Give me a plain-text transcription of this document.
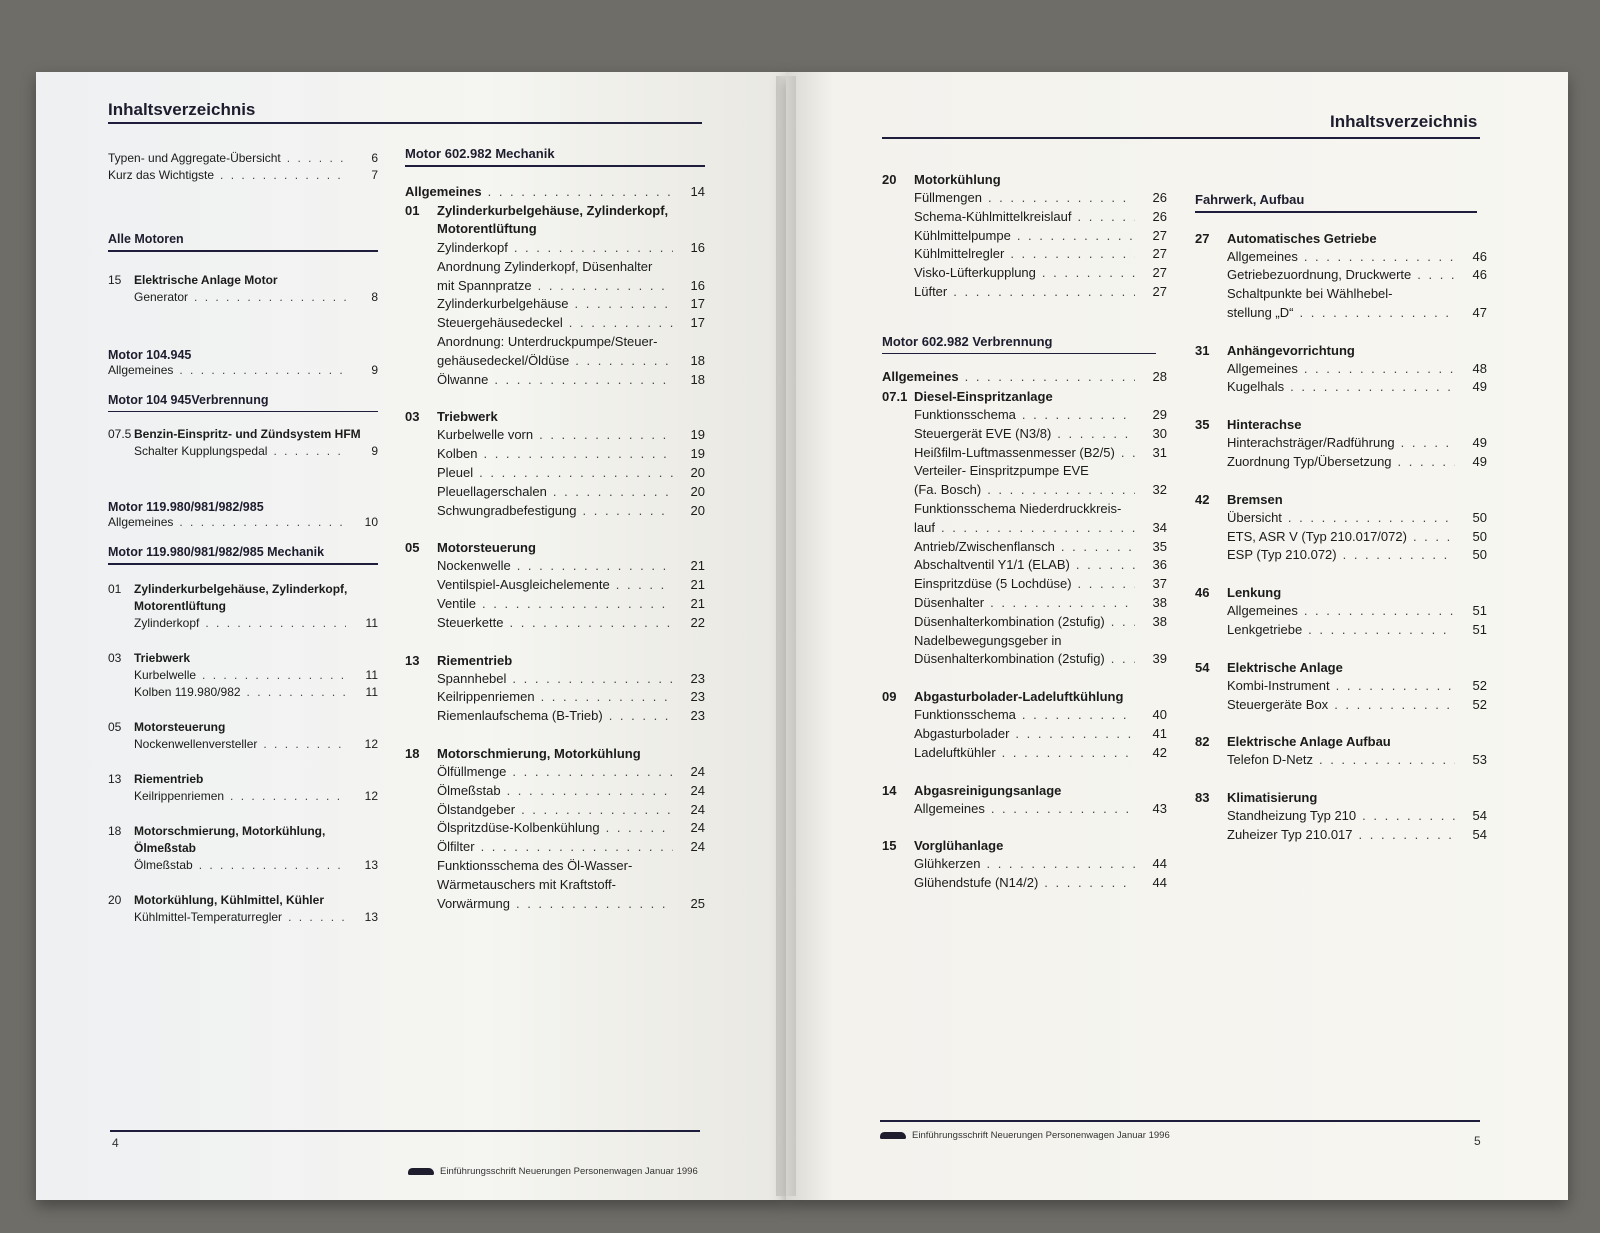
Inhaltsverzeichnis
Typen- und Aggregate-Übersicht . . .	6
Kurz das Wichtigste . . .	7
Alle Motoren
15	Elektrische Anlage Motor
Generator . . .	8
Motor 104.945
Allgemeines . . .	9
Motor 104 945Verbrennung
07.5 Benzin-Einspritz- und Zündsystem HFM
Schalter Kupplungspedal . . .	9
Motor 119.980/981/982/985
Allgemeines . . .	10
Motor 119.980/981/982/985 Mechanik
01	Zylinderkurbelgehäuse, Zylinderkopf,
Motorentlüftung
Zylinderkopf . . .	11
03	Triebwerk
Kurbelwelle . . .	11
Kolben 119.980/982 . . .	11
05	Motorsteuerung
Nockenwellenversteller . . .	12
13	Riementrieb
Keilrippenriemen . . .	12
18	Motorschmierung, Motorkühlung,
Ölmeßstab
Ölmeßstab . . .	13
20	Motorkühlung, Kühlmittel, Kühler
Kühlmittel-Temperaturregler . . .	13
Motor 602.982 Mechanik
Allgemeines . . .	14
01	Zylinderkurbelgehäuse, Zylinderkopf,
Motorentlüftung
Zylinderkopf . . .	16
Anordnung Zylinderkopf, Düsenhalter
mit Spannpratze . . .	16
Zylinderkurbelgehäuse . . .	17
Steuergehäusedeckel . . .	17
Anordnung: Unterdruckpumpe/Steuer-
gehäusedeckel/Öldüse . . .	18
Ölwanne . . .	18
03	Triebwerk
Kurbelwelle vorn . . .	19
Kolben . . .	19
Pleuel . . .	20
Pleuellagerschalen . . .	20
Schwungradbefestigung . . .	20
05	Motorsteuerung
Nockenwelle . . .	21
Ventilspiel-Ausgleichelemente . . .	21
Ventile . . .	21
Steuerkette . . .	22
13	Riementrieb
Spannhebel . . .	23
Keilrippenriemen . . .	23
Riemenlaufschema (B-Trieb) . . .	23
18	Motorschmierung, Motorkühlung
Ölfüllmenge . . .	24
Ölmeßstab . . .	24
Ölstandgeber . . .	24
Ölspritzdüse-Kolbenkühlung . . .	24
Ölfilter . . .	24
Funktionsschema des Öl-Wasser-
Wärmetauschers mit Kraftstoff-
Vorwärmung . . .	25
4
Einführungsschrift Neuerungen Personenwagen Januar 1996
Inhaltsverzeichnis
20	Motorkühlung
Füllmengen . . .	26
Schema-Kühlmittelkreislauf . . .	26
Kühlmittelpumpe . . .	27
Kühlmittelregler . . .	27
Visko-Lüfterkupplung . . .	27
Lüfter . . .	27
Motor 602.982 Verbrennung
Allgemeines . . .	28
07.1 Diesel-Einspritzanlage
Funktionsschema . . .	29
Steuergerät EVE (N3/8) . . .	30
Heißfilm-Luftmassenmesser (B2/5) . . .	31
Verteiler- Einspritzpumpe EVE
(Fa. Bosch) . . .	32
Funktionsschema Niederdruckkreis-
lauf . . .	34
Antrieb/Zwischenflansch . . .	35
Abschaltventil Y1/1 (ELAB) . . .	36
Einspritzdüse (5 Lochdüse) . . .	37
Düsenhalter . . .	38
Düsenhalterkombination (2stufig) . . .	38
Nadelbewegungsgeber in
Düsenhalterkombination (2stufig) . . .	39
09	Abgasturbolader-Ladeluftkühlung
Funktionsschema . . .	40
Abgasturbolader . . .	41
Ladeluftkühler . . .	42
14	Abgasreinigungsanlage
Allgemeines . . .	43
15	Vorglühanlage
Glühkerzen . . .	44
Glühendstufe (N14/2) . . .	44
Fahrwerk, Aufbau
27	Automatisches Getriebe
Allgemeines . . .	46
Getriebezuordnung, Druckwerte . . .	46
Schaltpunkte bei Wählhebel-
stellung „D“ . . .	47
31	Anhängevorrichtung
Allgemeines . . .	48
Kugelhals . . .	49
35	Hinterachse
Hinterachsträger/Radführung . . .	49
Zuordnung Typ/Übersetzung . . .	49
42	Bremsen
Übersicht . . .	50
ETS, ASR V (Typ 210.017/072) . . .	50
ESP (Typ 210.072) . . .	50
46	Lenkung
Allgemeines . . .	51
Lenkgetriebe . . .	51
54	Elektrische Anlage
Kombi-Instrument . . .	52
Steuergeräte Box . . .	52
82	Elektrische Anlage Aufbau
Telefon D-Netz . . .	53
83	Klimatisierung
Standheizung Typ 210 . . .	54
Zuheizer Typ 210.017 . . .	54
Einführungsschrift Neuerungen Personenwagen Januar 1996	5
